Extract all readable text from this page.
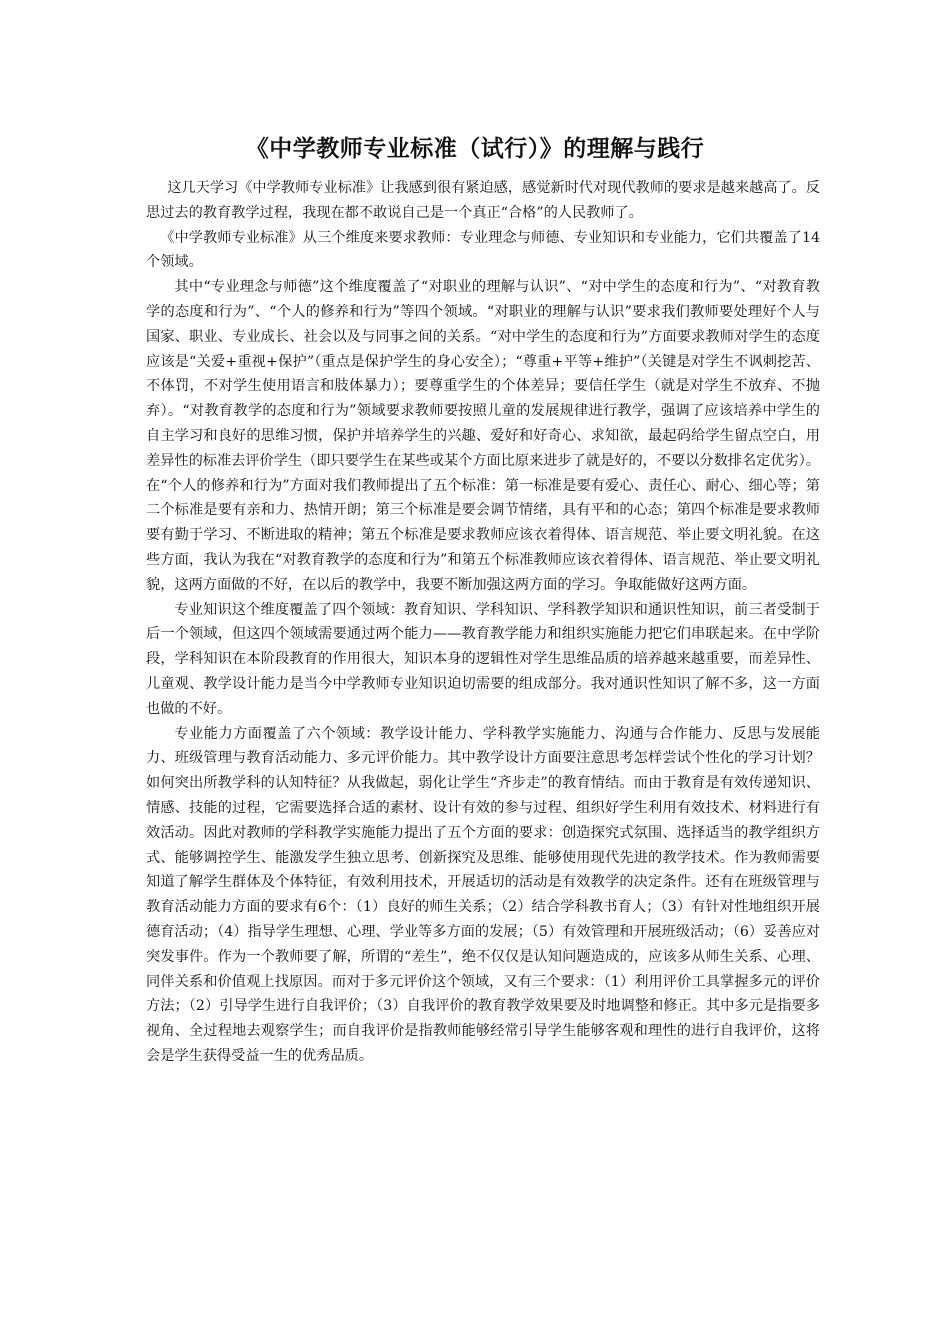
《中学教师专业标准（试行）》的理解与践行

这几天学习《中学教师专业标准》让我感到很有紧迫感，感觉新时代对现代教师的要求是越来越高了。反思过去的教育教学过程，我现在都不敢说自己是一个真正“合格”的人民教师了。

《中学教师专业标准》从三个维度来要求教师：专业理念与师德、专业知识和专业能力，它们共覆盖了14个领域。

其中“专业理念与师德”这个维度覆盖了“对职业的理解与认识”、“对中学生的态度和行为”、“对教育教学的态度和行为”、“个人的修养和行为”等四个领域。“对职业的理解与认识”要求我们教师要处理好个人与国家、职业、专业成长、社会以及与同事之间的关系。“对中学生的态度和行为”方面要求教师对学生的态度应该是“关爱+重视+保护”（重点是保护学生的身心安全）；“尊重+平等+维护”（关键是对学生不讽刺挖苦、不体罚，不对学生使用语言和肢体暴力）；要尊重学生的个体差异；要信任学生（就是对学生不放弃、不抛弃）。“对教育教学的态度和行为”领域要求教师要按照儿童的发展规律进行教学，强调了应该培养中学生的自主学习和良好的思维习惯，保护并培养学生的兴趣、爱好和好奇心、求知欲，最起码给学生留点空白，用差异性的标准去评价学生（即只要学生在某些或某个方面比原来进步了就是好的，不要以分数排名定优劣）。在“个人的修养和行为”方面对我们教师提出了五个标准：第一标准是要有爱心、责任心、耐心、细心等；第二个标准是要有亲和力、热情开朗；第三个标准是要会调节情绪，具有平和的心态；第四个标准是要求教师要有勤于学习、不断进取的精神；第五个标准是要求教师应该衣着得体、语言规范、举止要文明礼貌。在这些方面，我认为我在“对教育教学的态度和行为”和第五个标准教师应该衣着得体、语言规范、举止要文明礼貌，这两方面做的不好，在以后的教学中，我要不断加强这两方面的学习。争取能做好这两方面。

专业知识这个维度覆盖了四个领域：教育知识、学科知识、学科教学知识和通识性知识，前三者受制于后一个领域，但这四个领域需要通过两个能力——教育教学能力和组织实施能力把它们串联起来。在中学阶段，学科知识在本阶段教育的作用很大，知识本身的逻辑性对学生思维品质的培养越来越重要，而差异性、儿童观、教学设计能力是当今中学教师专业知识迫切需要的组成部分。我对通识性知识了解不多，这一方面也做的不好。

专业能力方面覆盖了六个领域：教学设计能力、学科教学实施能力、沟通与合作能力、反思与发展能力、班级管理与教育活动能力、多元评价能力。其中教学设计方面要注意思考怎样尝试个性化的学习计划？如何突出所教学科的认知特征？从我做起，弱化让学生“齐步走”的教育情结。而由于教育是有效传递知识、情感、技能的过程，它需要选择合适的素材、设计有效的参与过程、组织好学生利用有效技术、材料进行有效活动。因此对教师的学科教学实施能力提出了五个方面的要求：创造探究式氛围、选择适当的教学组织方式、能够调控学生、能激发学生独立思考、创新探究及思维、能够使用现代先进的教学技术。作为教师需要知道了解学生群体及个体特征，有效利用技术，开展适切的活动是有效教学的决定条件。还有在班级管理与教育活动能力方面的要求有6个：（1）良好的师生关系；（2）结合学科教书育人；（3）有针对性地组织开展德育活动；（4）指导学生理想、心理、学业等多方面的发展；（5）有效管理和开展班级活动；（6）妥善应对突发事件。作为一个教师要了解，所谓的“差生”，绝不仅仅是认知问题造成的，应该多从师生关系、心理、同伴关系和价值观上找原因。而对于多元评价这个领域，又有三个要求：（1）利用评价工具掌握多元的评价方法；（2）引导学生进行自我评价；（3）自我评价的教育教学效果要及时地调整和修正。其中多元是指要多视角、全过程地去观察学生；而自我评价是指教师能够经常引导学生能够客观和理性的进行自我评价，这将会是学生获得受益一生的优秀品质。
